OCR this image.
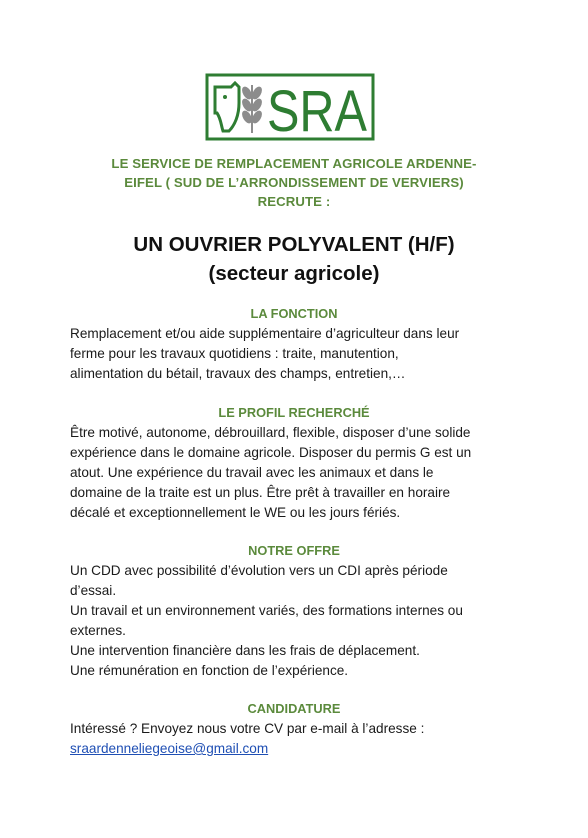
SRA
LE SERVICE DE REMPLACEMENT AGRICOLE ARDENNE-
EIFEL ( SUD DE L’ARRONDISSEMENT DE VERVIERS)
RECRUTE :
UN OUVRIER POLYVALENT (H/F)
(secteur agricole)
LA FONCTION
Remplacement et/ou aide supplémentaire d’agriculteur dans leur
ferme pour les travaux quotidiens : traite, manutention,
alimentation du bétail, travaux des champs, entretien,…
LE PROFIL RECHERCHÉ
Être motivé, autonome, débrouillard, flexible, disposer d’une solide
expérience dans le domaine agricole. Disposer du permis G est un
atout. Une expérience du travail avec les animaux et dans le
domaine de la traite est un plus. Être prêt à travailler en horaire
décalé et exceptionnellement le WE ou les jours fériés.
NOTRE OFFRE
Un CDD avec possibilité d’évolution vers un CDI après période
d’essai.
Un travail et un environnement variés, des formations internes ou
externes.
Une intervention financière dans les frais de déplacement.
Une rémunération en fonction de l’expérience.
CANDIDATURE
Intéressé ? Envoyez nous votre CV par e-mail à l’adresse :
sraardenneliegeoise@gmail.com
